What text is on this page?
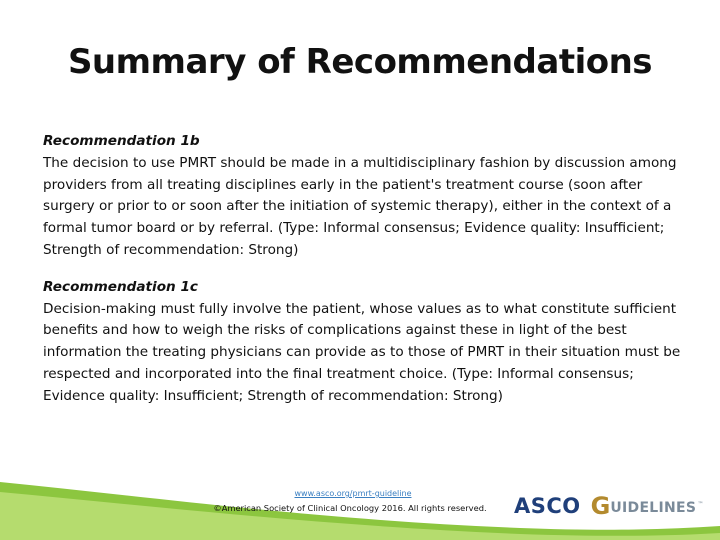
Summary of Recommendations

Recommendation 1b

The decision to use PMRT should be made in a multidisciplinary fashion by discussion among providers from all treating disciplines early in the patient's treatment course (soon after surgery or prior to or soon after the initiation of systemic therapy), either in the context of a formal tumor board or by referral. (Type: Informal consensus; Evidence quality: Insufficient; Strength of recommendation: Strong)

Recommendation 1c

Decision-making must fully involve the patient, whose values as to what constitute sufficient benefits and how to weigh the risks of complications against these in light of the best information the treating physicians can provide as to those of PMRT in their situation must be respected and incorporated into the final treatment choice. (Type: Informal consensus; Evidence quality: Insufficient; Strength of recommendation: Strong)

www.asco.org/pmrt-guideline
©American Society of Clinical Oncology 2016. All rights reserved.	ASCO G UIDELINES ™
